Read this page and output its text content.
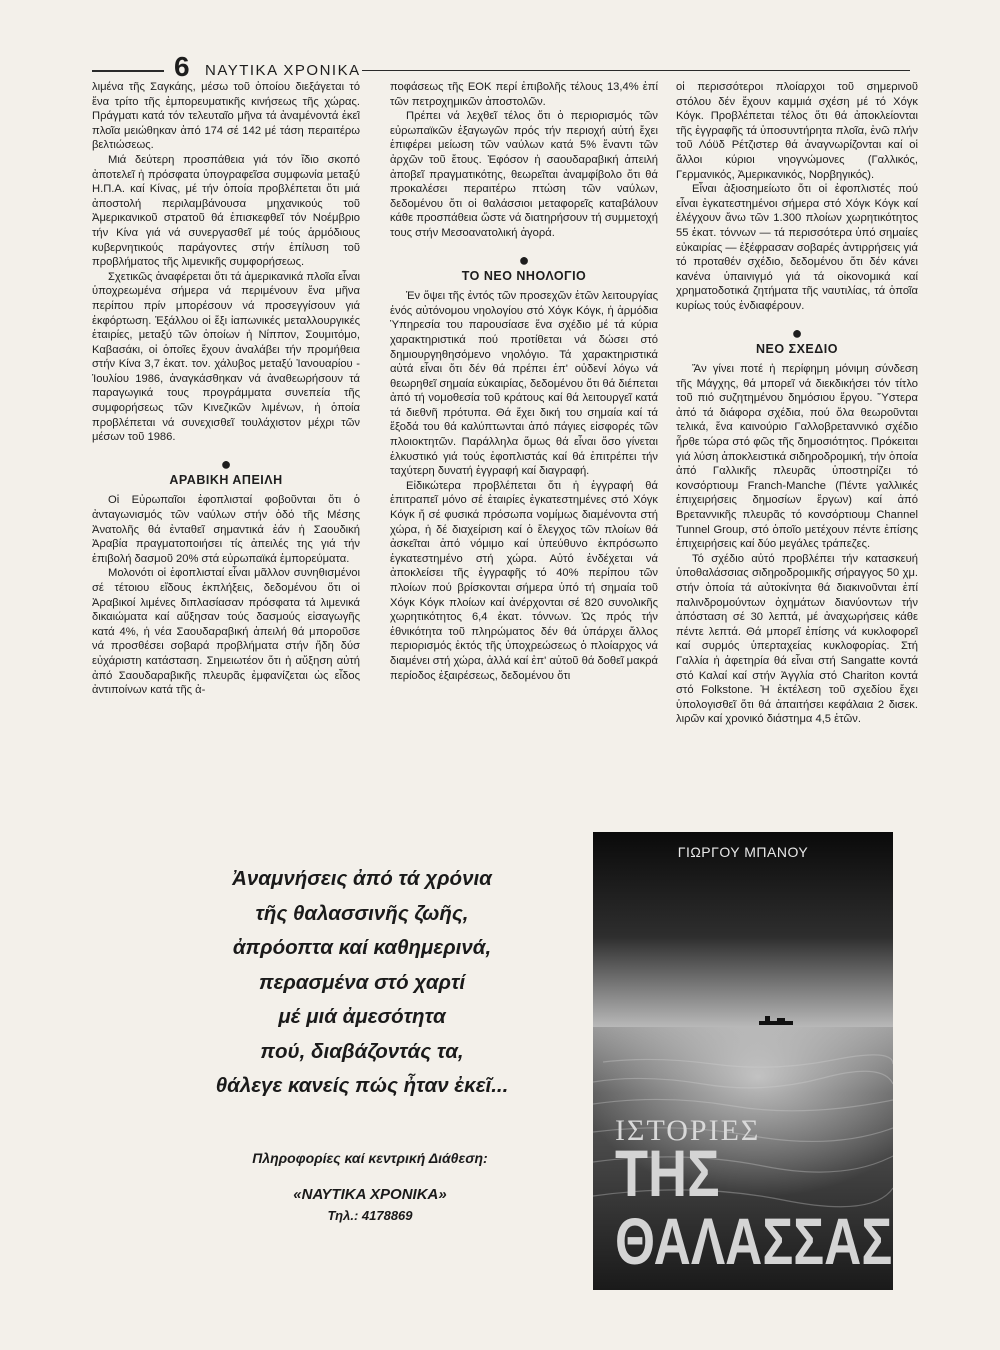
6 ΝΑΥΤΙΚΑ ΧΡΟΝΙΚΑ

λιμένα τῆς Σαγκάης, μέσω τοῦ ὁποίου διεξάγεται τό ἕνα τρίτο τῆς ἐμπορευματικῆς κινήσεως τῆς χώρας. Πράγματι κατά τόν τελευταῖο μῆνα τά ἀναμένοντά ἐκεῖ πλοῖα μειώθηκαν ἀπό 174 σέ 142 μέ τάση περαιτέρω βελτιώσεως.

Μιά δεύτερη προσπάθεια γιά τόν ἴδιο σκοπό ἀποτελεῖ ἡ πρόσφατα ὑπογραφεῖσα συμφωνία μεταξύ Η.Π.Α. καί Κίνας, μέ τήν ὁποία προβλέπεται ὅτι μιά ἀποστολή περιλαμβάνουσα μηχανικούς τοῦ Ἀμερικανικοῦ στρατοῦ θά ἐπισκεφθεῖ τόν Νοέμβριο τήν Κίνα γιά νά συνεργασθεῖ μέ τούς ἁρμόδιους κυβερνητικούς παράγοντες στήν ἐπίλυση τοῦ προβλήματος τῆς λιμενικῆς συμφορήσεως.

Σχετικῶς ἀναφέρεται ὅτι τά ἀμερικανικά πλοῖα εἶναι ὑποχρεωμένα σήμερα νά περιμένουν ἕνα μῆνα περίπου πρίν μπορέσουν νά προσεγγίσουν γιά ἐκφόρτωση. Ἐξάλλου οἱ ἕξι ἰαπωνικές μεταλλουργικές ἑταιρίες, μεταξύ τῶν ὁποίων ἡ Νίππον, Σουμιτόμο, Καβασάκι, οἱ ὁποῖες ἔχουν ἀναλάβει τήν προμήθεια στήν Κίνα 3,7 ἑκατ. τον. χάλυβος μεταξύ Ἰανουαρίου - Ἰουλίου 1986, ἀναγκάσθηκαν νά ἀναθεωρήσουν τά παραγωγικά τους προγράμματα συνεπεία τῆς συμφορήσεως τῶν Κινεζικῶν λιμένων, ἡ ὁποία προβλέπεται νά συνεχισθεῖ τουλάχιστον μέχρι τῶν μέσων τοῦ 1986.

●
ΑΡΑΒΙΚΗ ΑΠΕΙΛΗ

Οἱ Εὐρωπαῖοι ἐφοπλισταί φοβοῦνται ὅτι ὁ ἀνταγωνισμός τῶν ναύλων στήν ὁδό τῆς Μέσης Ἀνατολῆς θά ἐνταθεῖ σημαντικά ἐάν ἡ Σαουδική Ἀραβία πραγματοποιήσει τίς ἀπειλές της γιά τήν ἐπιβολή δασμοῦ 20% στά εὐρωπαϊκά ἐμπορεύματα.

Μολονότι οἱ ἐφοπλισταί εἶναι μᾶλλον συνηθισμένοι σέ τέτοιου εἴδους ἐκπλήξεις, δεδομένου ὅτι οἱ Ἀραβικοί λιμένες διπλασίασαν πρόσφατα τά λιμενικά δικαιώματα καί αὔξησαν τούς δασμούς εἰσαγωγῆς κατά 4%, ἡ νέα Σαουδαραβική ἀπειλή θά μποροῦσε νά προσθέσει σοβαρά προβλήματα στήν ἤδη δύσ εὐχάριστη κατάσταση. Σημειωτέον ὅτι ἡ αὔξηση αὐτή ἀπό Σαουδαραβικῆς πλευρᾶς ἐμφανίζεται ὡς εἶδος ἀντιποίνων κατά τῆς ἀ-

ποφάσεως τῆς ΕΟΚ περί ἐπιβολῆς τέλους 13,4% ἐπί τῶν πετροχημικῶν ἀποστολῶν.

Πρέπει νά λεχθεῖ τέλος ὅτι ὁ περιορισμός τῶν εὐρωπαϊκῶν ἐξαγωγῶν πρός τήν περιοχή αὐτή ἔχει ἐπιφέρει μείωση τῶν ναύλων κατά 5% ἔναντι τῶν ἀρχῶν τοῦ ἔτους. Ἐφόσον ἡ σαουδαραβική ἀπειλή ἀποβεῖ πραγματικότης, θεωρεῖται ἀναμφίβολο ὅτι θά προκαλέσει περαιτέρω πτώση τῶν ναύλων, δεδομένου ὅτι οἱ θαλάσσιοι μεταφορεῖς καταβάλουν κάθε προσπάθεια ὥστε νά διατηρήσουν τή συμμετοχή τους στήν Μεσοανατολική ἀγορά.

●
ΤΟ ΝΕΟ ΝΗΟΛΟΓΙΟ

Ἐν ὄψει τῆς ἐντός τῶν προσεχῶν ἐτῶν λειτουργίας ἑνός αὐτόνομου νηολογίου στό Χόγκ Κόγκ, ἡ ἁρμόδια Ὑπηρεσία του παρουσίασε ἕνα σχέδιο μέ τά κύρια χαρακτηριστικά πού προτίθεται νά δώσει στό δημιουργηθησόμενο νηολόγιο. Τά χαρακτηριστικά αὐτά εἶναι ὅτι δέν θά πρέπει ἐπ' οὐδενί λόγω νά θεωρηθεῖ σημαία εὐκαιρίας, δεδομένου ὅτι θά διέπεται ἀπό τή νομοθεσία τοῦ κράτους καί θά λειτουργεῖ κατά τά διεθνῆ πρότυπα. Θά ἔχει δική του σημαία καί τά ἔξοδά του θά καλύπτωνται ἀπό πάγιες εἰσφορές τῶν πλοιοκτητῶν. Παράλληλα ὅμως θά εἶναι ὅσο γίνεται ἑλκυστικό γιά τούς ἐφοπλιστάς καί θά ἐπιτρέπει τήν ταχύτερη δυνατή ἐγγραφή καί διαγραφή.

Εἰδικώτερα προβλέπεται ὅτι ἡ ἐγγραφή θά ἐπιτραπεῖ μόνο σέ ἑταιρίες ἐγκατεστημένες στό Χόγκ Κόγκ ἤ σέ φυσικά πρόσωπα νομίμως διαμένοντα στή χώρα, ἡ δέ διαχείριση καί ὁ ἔλεγχος τῶν πλοίων θά ἀσκεῖται ἀπό νόμιμο καί ὑπεύθυνο ἐκπρόσωπο ἐγκατεστημένο στή χώρα. Αὐτό ἐνδέχεται νά ἀποκλείσει τῆς ἐγγραφῆς τό 40% περίπου τῶν πλοίων πού βρίσκονται σήμερα ὑπό τή σημαία τοῦ Χόγκ Κόγκ πλοίων καί ἀνέρχονται σέ 820 συνολικῆς χωρητικότητος 6,4 ἑκατ. τόννων. Ὡς πρός τήν ἐθνικότητα τοῦ πληρώματος δέν θά ὑπάρχει ἄλλος περιορισμός ἐκτός τῆς ὑποχρεώσεως ὁ πλοίαρχος νά διαμένει στή χώρα, ἀλλά καί ἐπ' αὐτοῦ θά δοθεῖ μακρά περίοδος ἐξαιρέσεως, δεδομένου ὅτι

οἱ περισσότεροι πλοίαρχοι τοῦ σημερινοῦ στόλου δέν ἔχουν καμμιά σχέση μέ τό Χόγκ Κόγκ. Προβλέπεται τέλος ὅτι θά ἀποκλείονται τῆς ἐγγραφῆς τά ὑποσυντήρητα πλοῖα, ἐνῶ πλήν τοῦ Λόϋδ Ρέτζιστερ θά ἀναγνωρίζονται καί οἱ ἄλλοι κύριοι νηογνώμονες (Γαλλικός, Γερμανικός, Ἀμερικανικός, Νορβηγικός).

Εἶναι ἀξιοσημείωτο ὅτι οἱ ἐφοπλιστές πού εἶναι ἐγκατεστημένοι σήμερα στό Χόγκ Κόγκ καί ἐλέγχουν ἄνω τῶν 1.300 πλοίων χωρητικότητος 55 ἑκατ. τόννων — τά περισσότερα ὑπό σημαίες εὐκαιρίας — ἐξέφρασαν σοβαρές ἀντιρρήσεις γιά τό προταθέν σχέδιο, δεδομένου ὅτι δέν κάνει κανένα ὑπαινιγμό γιά τά οἰκονομικά καί χρηματοδοτικά ζητήματα τῆς ναυτιλίας, τά ὁποῖα κυρίως τούς ἐνδιαφέρουν.

●
ΝΕΟ ΣΧΕΔΙΟ

Ἄν γίνει ποτέ ἡ περίφημη μόνιμη σύνδεση τῆς Μάγχης, θά μπορεῖ νά διεκδικήσει τόν τίτλο τοῦ πιό συζητημένου δημόσιου ἔργου. Ὕστερα ἀπό τά διάφορα σχέδια, πού ὅλα θεωροῦνται τελικά, ἕνα καινούριο Γαλλοβρεταννικό σχέδιο ἦρθε τώρα στό φῶς τῆς δημοσιότητος. Πρόκειται γιά λύση ἀποκλειστικά σιδηροδρομική, τήν ὁποία ἀπό Γαλλικῆς πλευρᾶς ὑποστηρίζει τό κονσόρτιουμ Franch-Manche (Πέντε γαλλικές ἐπιχειρήσεις δημοσίων ἔργων) καί ἀπό Βρεταννικῆς πλευρᾶς τό κονσόρτιουμ Channel Tunnel Group, στό ὁποῖο μετέχουν πέντε ἐπίσης ἐπιχειρήσεις καί δύο μεγάλες τράπεζες.

Τό σχέδιο αὐτό προβλέπει τήν κατασκευή ὑποθαλάσσιας σιδηροδρομικῆς σήραγγος 50 χμ. στήν ὁποία τά αὐτοκίνητα θά διακινοῦνται ἐπί παλινδρομούντων ὀχημάτων διανύοντων τήν ἀπόσταση σέ 30 λεπτά, μέ ἀναχωρήσεις κάθε πέντε λεπτά. Θά μπορεῖ ἐπίσης νά κυκλοφορεῖ καί συρμός ὑπερταχείας κυκλοφορίας. Στή Γαλλία ἡ ἀφετηρία θά εἶναι στή Sangatte κοντά στό Καλαί καί στήν Ἀγγλία στό Chariton κοντά στό Folkstone. Ἡ ἐκτέλεση τοῦ σχεδίου ἔχει ὑπολογισθεῖ ὅτι θά ἀπαιτήσει κεφάλαια 2 δισεκ. λιρῶν καί χρονικό διάστημα 4,5 ἐτῶν.

Ἀναμνήσεις ἀπό τά χρόνια
τῆς θαλασσινῆς ζωῆς,
ἀπρόοπτα καί καθημερινά,
περασμένα στό χαρτί
μέ μιά ἀμεσότητα
πού, διαβάζοντάς τα,
θάλεγε κανείς πώς ἦταν ἐκεῖ...
Πληροφορίες καί κεντρική Διάθεση:
«ΝΑΥΤΙΚΑ ΧΡΟΝΙΚΑ»
Τηλ.: 4178869
ΓΙΩΡΓΟΥ ΜΠΑΝΟΥ
ΙΣΤΟΡΙΕΣ
ΤΗΣ
ΘΑΛΑΣΣΑΣ
